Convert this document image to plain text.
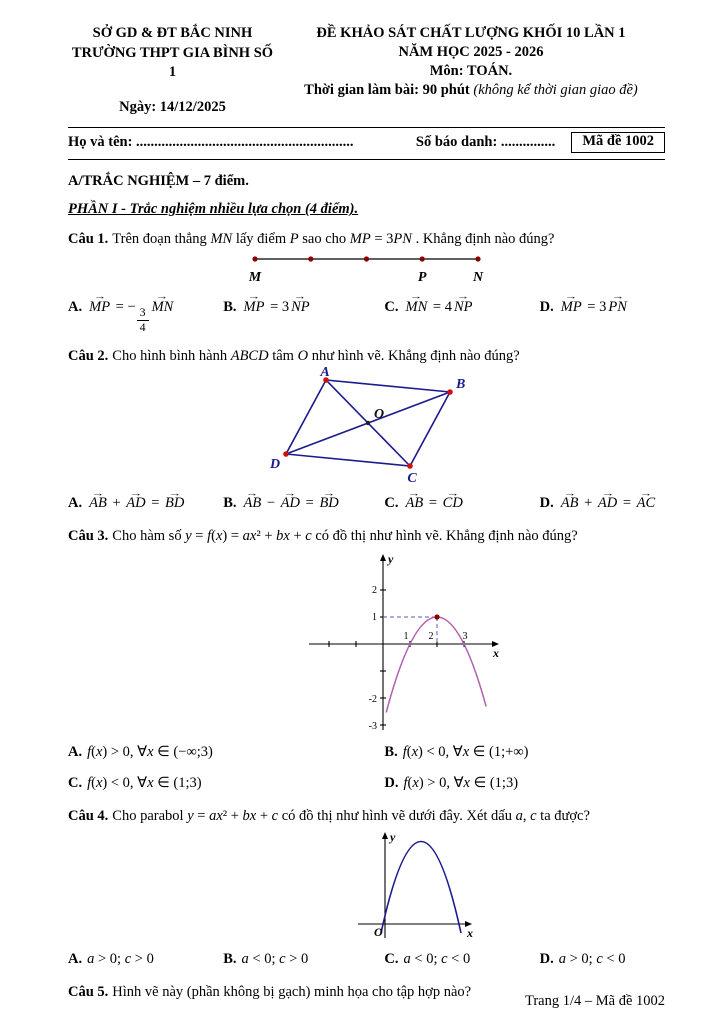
SỞ GD & ĐT BẮC NINH
TRƯỜNG THPT GIA BÌNH SỐ 1
Ngày: 14/12/2025
ĐỀ KHẢO SÁT CHẤT LƯỢNG KHỐI 10 LẦN 1
NĂM HỌC 2025 - 2026
Môn: TOÁN.
Thời gian làm bài: 90 phút (không kể thời gian giao đề)
Họ và tên: ............................................................	Số báo danh: ...............	Mã đề 1002
A/TRẮC NGHIỆM – 7 điểm.
PHẦN I - Trắc nghiệm nhiều lựa chọn (4 điểm).

Câu 1. Trên đoạn thẳng MN lấy điểm P sao cho MP = 3PN . Khẳng định nào đúng?

M	P	N
A. → MP = − $\frac{3}{4}$ → MN	B. → MP = 3 → NP	C. → MN = 4 → NP	D. → MP = 3 → PN

Câu 2. Cho hình bình hành ABCD tâm O như hình vẽ. Khẳng định nào đúng?

A
B
C
D
O
A. → AB + → AD = → BD	B. → AB − → AD = → BD	C. → AB = → CD	D. → AB + → AD = → AC

Câu 3. Cho hàm số y = f(x) = ax² + bx + c có đồ thị như hình vẽ. Khẳng định nào đúng?

y
x
2
1
-2
-3
1 2	3
A. f(x) > 0, ∀x ∈ (−∞;3)	B. f(x) < 0, ∀x ∈ (1;+∞)
C. f(x) < 0, ∀x ∈ (1;3)	D. f(x) > 0, ∀x ∈ (1;3)

Câu 4. Cho parabol y = ax² + bx + c có đồ thị như hình vẽ dưới đây. Xét dấu a, c ta được?

y
x
O
A. a > 0; c > 0	B. a < 0; c > 0	C. a < 0; c < 0	D. a > 0; c < 0

Câu 5. Hình vẽ này (phần không bị gạch) minh họa cho tập hợp nào?

Trang 1/4 – Mã đề 1002
